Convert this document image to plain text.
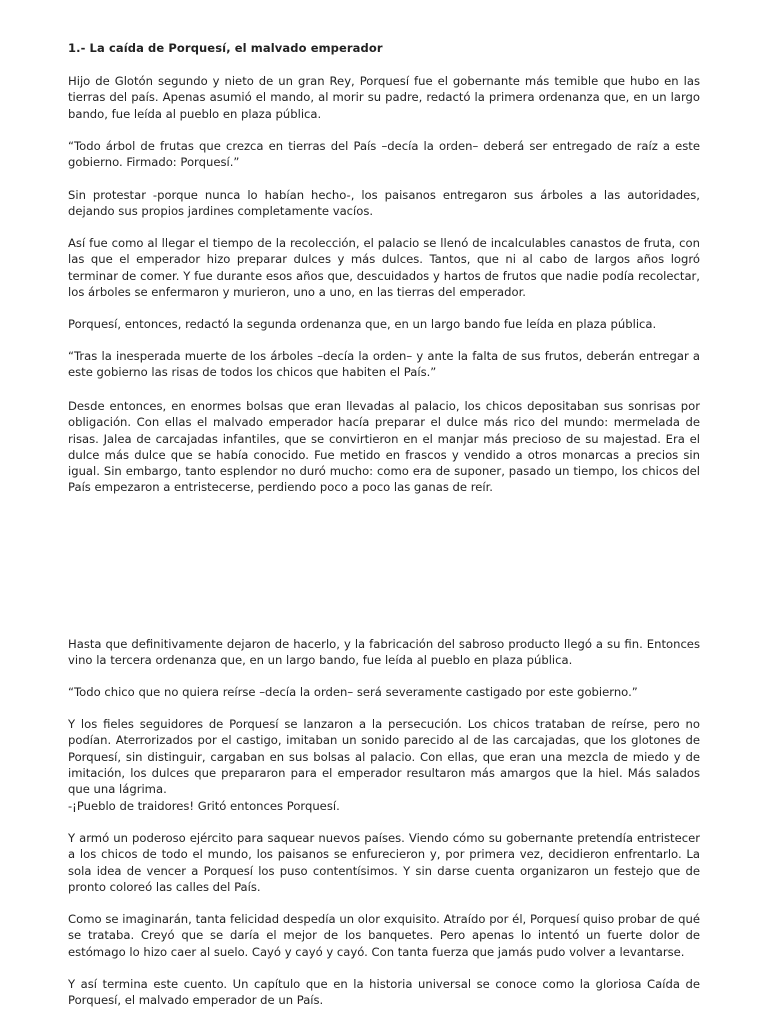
1.- La caída de Porquesí, el malvado emperador

Hijo de Glotón segundo y nieto de un gran Rey, Porquesí fue el gobernante más temible que hubo en las tierras del país. Apenas asumió el mando, al morir su padre, redactó la primera ordenanza que, en un largo bando, fue leída al pueblo en plaza pública.

“Todo árbol de frutas que crezca en tierras del País –decía la orden– deberá ser entregado de raíz a este gobierno. Firmado: Porquesí.”

Sin protestar -porque nunca lo habían hecho-, los paisanos entregaron sus árboles a las autoridades, dejando sus propios jardines completamente vacíos.

Así fue como al llegar el tiempo de la recolección, el palacio se llenó de incalculables canastos de fruta, con las que el emperador hizo preparar dulces y más dulces. Tantos, que ni al cabo de largos años logró terminar de comer. Y fue durante esos años que, descuidados y hartos de frutos que nadie podía recolectar, los árboles se enfermaron y murieron, uno a uno, en las tierras del emperador.

Porquesí, entonces, redactó la segunda ordenanza que, en un largo bando fue leída en plaza pública.

“Tras la inesperada muerte de los árboles –decía la orden– y ante la falta de sus frutos, deberán entregar a este gobierno las risas de todos los chicos que habiten el País.”

Desde entonces, en enormes bolsas que eran llevadas al palacio, los chicos depositaban sus sonrisas por obligación. Con ellas el malvado emperador hacía preparar el dulce más rico del mundo: mermelada de risas. Jalea de carcajadas infantiles, que se convirtieron en el manjar más precioso de su majestad. Era el dulce más dulce que se había conocido. Fue metido en frascos y vendido a otros monarcas a precios sin igual. Sin embargo, tanto esplendor no duró mucho: como era de suponer, pasado un tiempo, los chicos del País empezaron a entristecerse, perdiendo poco a poco las ganas de reír.

Hasta que definitivamente dejaron de hacerlo, y la fabricación del sabroso producto llegó a su fin. Entonces vino la tercera ordenanza que, en un largo bando, fue leída al pueblo en plaza pública.

“Todo chico que no quiera reírse –decía la orden– será severamente castigado por este gobierno.”

Y los fieles seguidores de Porquesí se lanzaron a la persecución. Los chicos trataban de reírse, pero no podían. Aterrorizados por el castigo, imitaban un sonido parecido al de las carcajadas, que los glotones de Porquesí, sin distinguir, cargaban en sus bolsas al palacio. Con ellas, que eran una mezcla de miedo y de imitación, los dulces que prepararon para el emperador resultaron más amargos que la hiel. Más salados que una lágrima.

-¡Pueblo de traidores! Gritó entonces Porquesí.

Y armó un poderoso ejército para saquear nuevos países. Viendo cómo su gobernante pretendía entristecer a los chicos de todo el mundo, los paisanos se enfurecieron y, por primera vez, decidieron enfrentarlo. La sola idea de vencer a Porquesí los puso contentísimos. Y sin darse cuenta organizaron un festejo que de pronto coloreó las calles del País.

Como se imaginarán, tanta felicidad despedía un olor exquisito. Atraído por él, Porquesí quiso probar de qué se trataba. Creyó que se daría el mejor de los banquetes. Pero apenas lo intentó un fuerte dolor de estómago lo hizo caer al suelo. Cayó y cayó y cayó. Con tanta fuerza que jamás pudo volver a levantarse.

Y así termina este cuento. Un capítulo que en la historia universal se conoce como la gloriosa Caída de Porquesí, el malvado emperador de un País.
